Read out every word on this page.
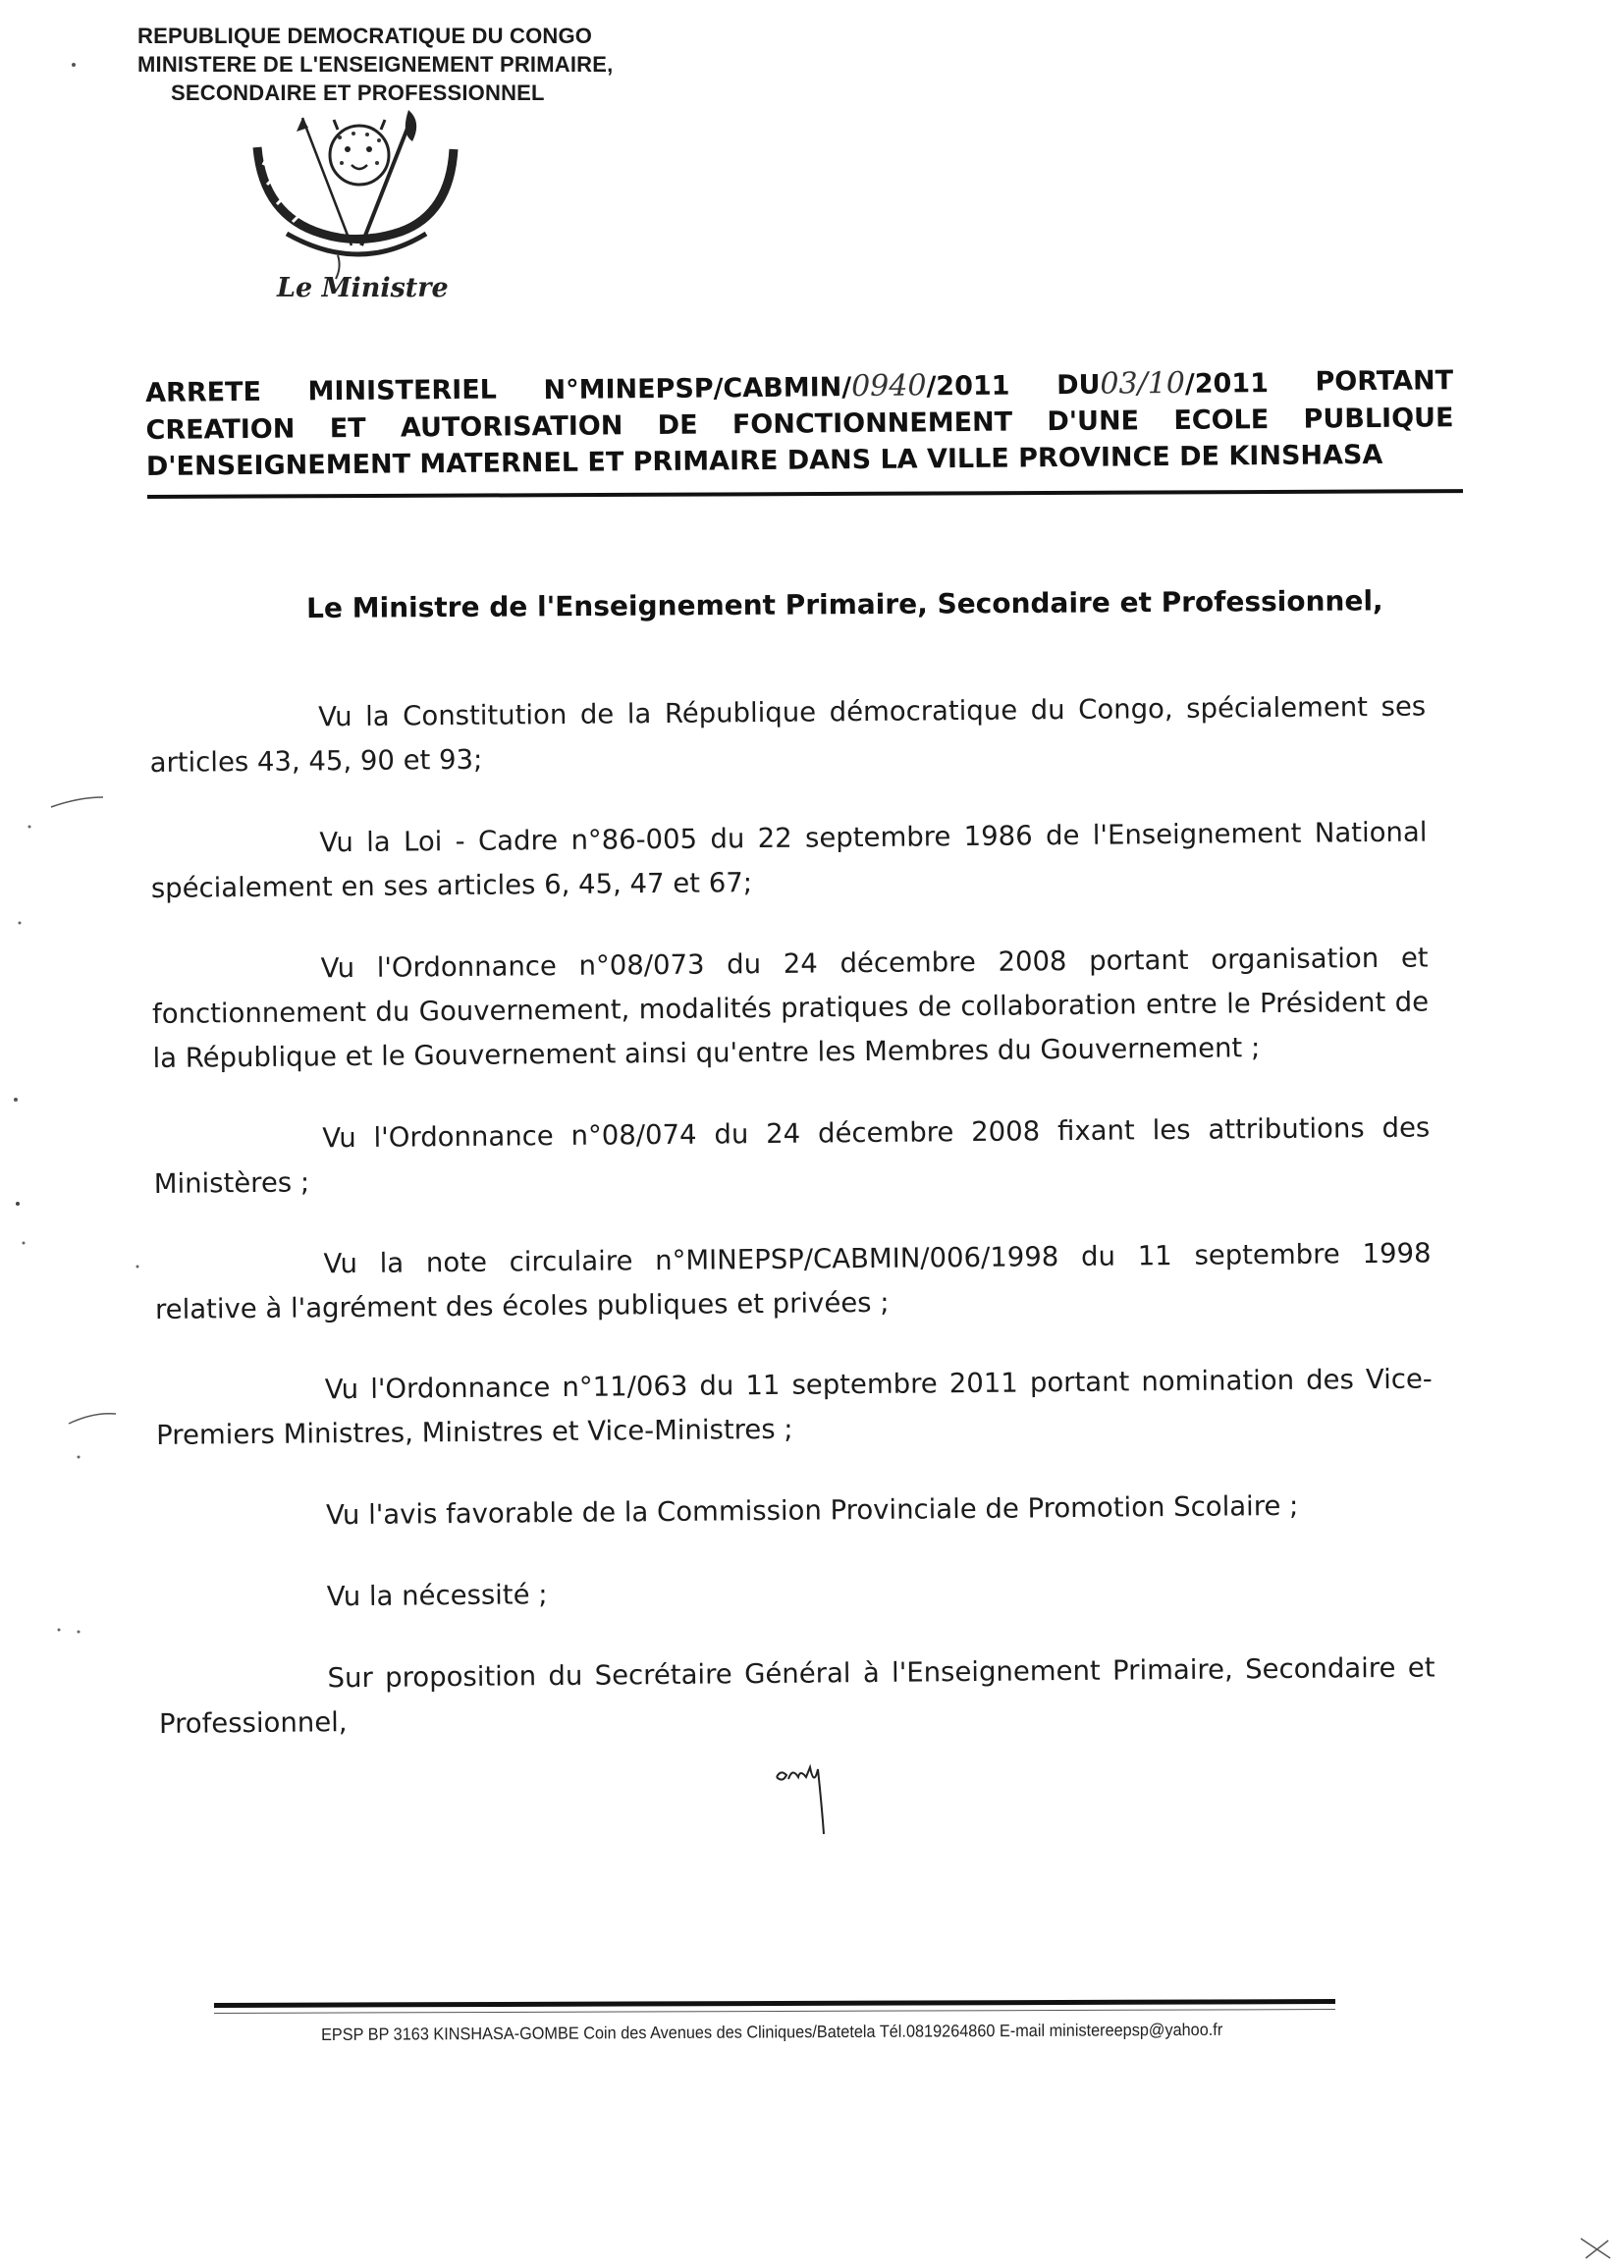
REPUBLIQUE DEMOCRATIQUE DU CONGO
MINISTERE DE L'ENSEIGNEMENT PRIMAIRE,
SECONDAIRE ET PROFESSIONNEL
Le Ministre
ARRETE MINISTERIEL N°MINEPSP/CABMIN/0940/2011 DU03/10/2011 PORTANT
CREATION ET AUTORISATION DE FONCTIONNEMENT D'UNE ECOLE PUBLIQUE
D'ENSEIGNEMENT MATERNEL ET PRIMAIRE DANS LA VILLE PROVINCE DE KINSHASA
Le Ministre de l'Enseignement Primaire, Secondaire et Professionnel,

Vu la Constitution de la République démocratique du Congo, spécialement ses articles 43, 45, 90 et 93;

Vu la Loi - Cadre n°86-005 du 22 septembre 1986 de l'Enseignement National spécialement en ses articles 6, 45, 47 et 67;

Vu l'Ordonnance n°08/073 du 24 décembre 2008 portant organisation et fonctionnement du Gouvernement, modalités pratiques de collaboration entre le Président de la République et le Gouvernement ainsi qu'entre les Membres du Gouvernement ;

Vu l'Ordonnance n°08/074 du 24 décembre 2008 fixant les attributions des Ministères ;

Vu la note circulaire n°MINEPSP/CABMIN/006/1998 du 11 septembre 1998 relative à l'agrément des écoles publiques et privées ;

Vu l'Ordonnance n°11/063 du 11 septembre 2011 portant nomination des Vice-Premiers Ministres, Ministres et Vice-Ministres ;

Vu l'avis favorable de la Commission Provinciale de Promotion Scolaire ;

Vu la nécessité ;

Sur proposition du Secrétaire Général à l'Enseignement Primaire, Secondaire et Professionnel,

EPSP BP 3163 KINSHASA-GOMBE Coin des Avenues des Cliniques/Batetela Tél.0819264860 E-mail ministereepsp@yahoo.fr
